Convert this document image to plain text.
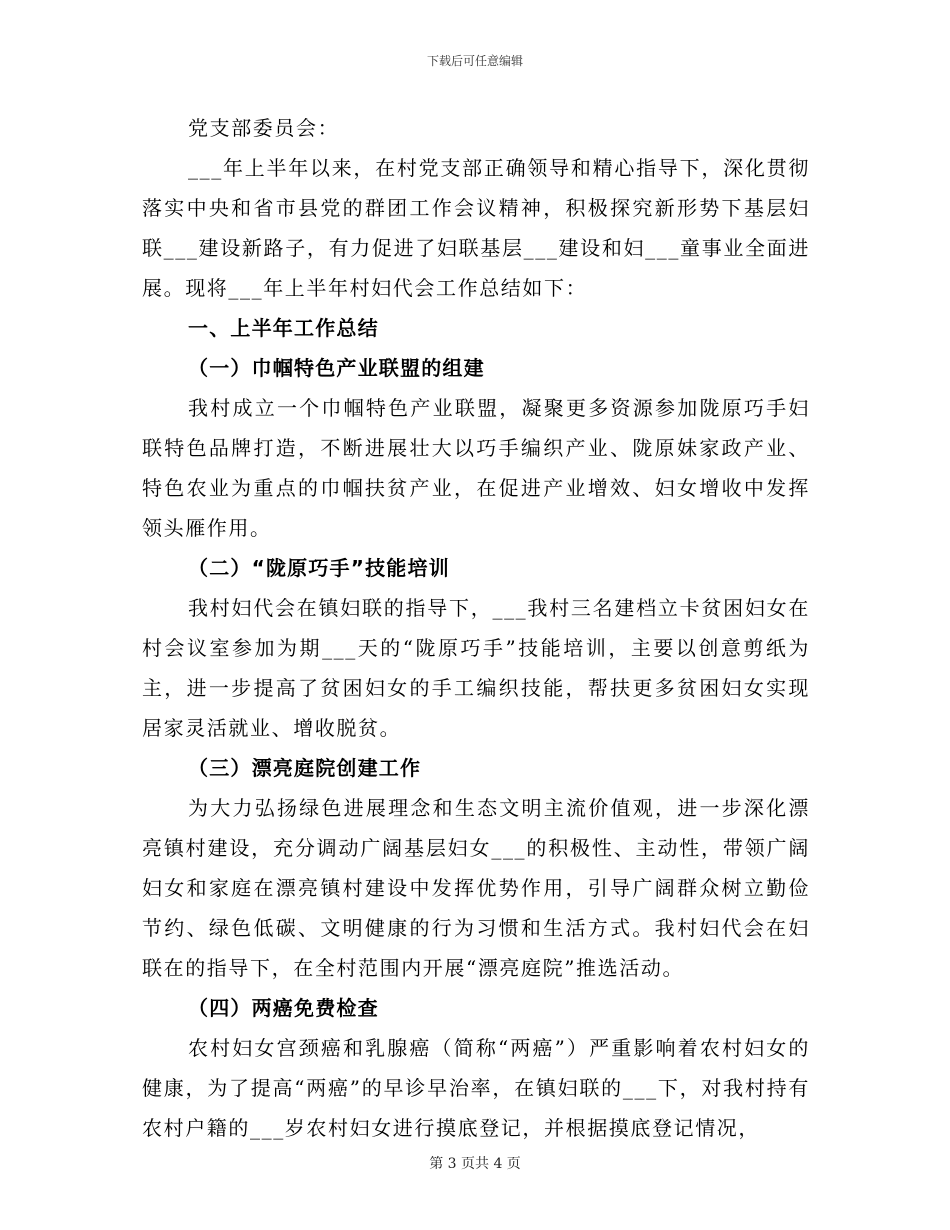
下载后可任意编辑

党支部委员会：

___年上半年以来，在村党支部正确领导和精心指导下，深化贯彻落实中央和省市县党的群团工作会议精神，积极探究新形势下基层妇联___建设新路子，有力促进了妇联基层___建设和妇___童事业全面进展。现将___年上半年村妇代会工作总结如下：

一、上半年工作总结

（一）巾帼特色产业联盟的组建

我村成立一个巾帼特色产业联盟，凝聚更多资源参加陇原巧手妇联特色品牌打造，不断进展壮大以巧手编织产业、陇原妹家政产业、特色农业为重点的巾帼扶贫产业，在促进产业增效、妇女增收中发挥领头雁作用。

（二）“陇原巧手”技能培训

我村妇代会在镇妇联的指导下，___我村三名建档立卡贫困妇女在村会议室参加为期___天的“陇原巧手”技能培训，主要以创意剪纸为主，进一步提高了贫困妇女的手工编织技能，帮扶更多贫困妇女实现居家灵活就业、增收脱贫。

（三）漂亮庭院创建工作

为大力弘扬绿色进展理念和生态文明主流价值观，进一步深化漂亮镇村建设，充分调动广阔基层妇女___的积极性、主动性，带领广阔妇女和家庭在漂亮镇村建设中发挥优势作用，引导广阔群众树立勤俭节约、绿色低碳、文明健康的行为习惯和生活方式。我村妇代会在妇联在的指导下，在全村范围内开展“漂亮庭院”推选活动。

（四）两癌免费检查

农村妇女宫颈癌和乳腺癌（简称“两癌”）严重影响着农村妇女的健康，为了提高“两癌”的早诊早治率，在镇妇联的___下，对我村持有农村户籍的___岁农村妇女进行摸底登记，并根据摸底登记情况，

第 3 页共 4 页
